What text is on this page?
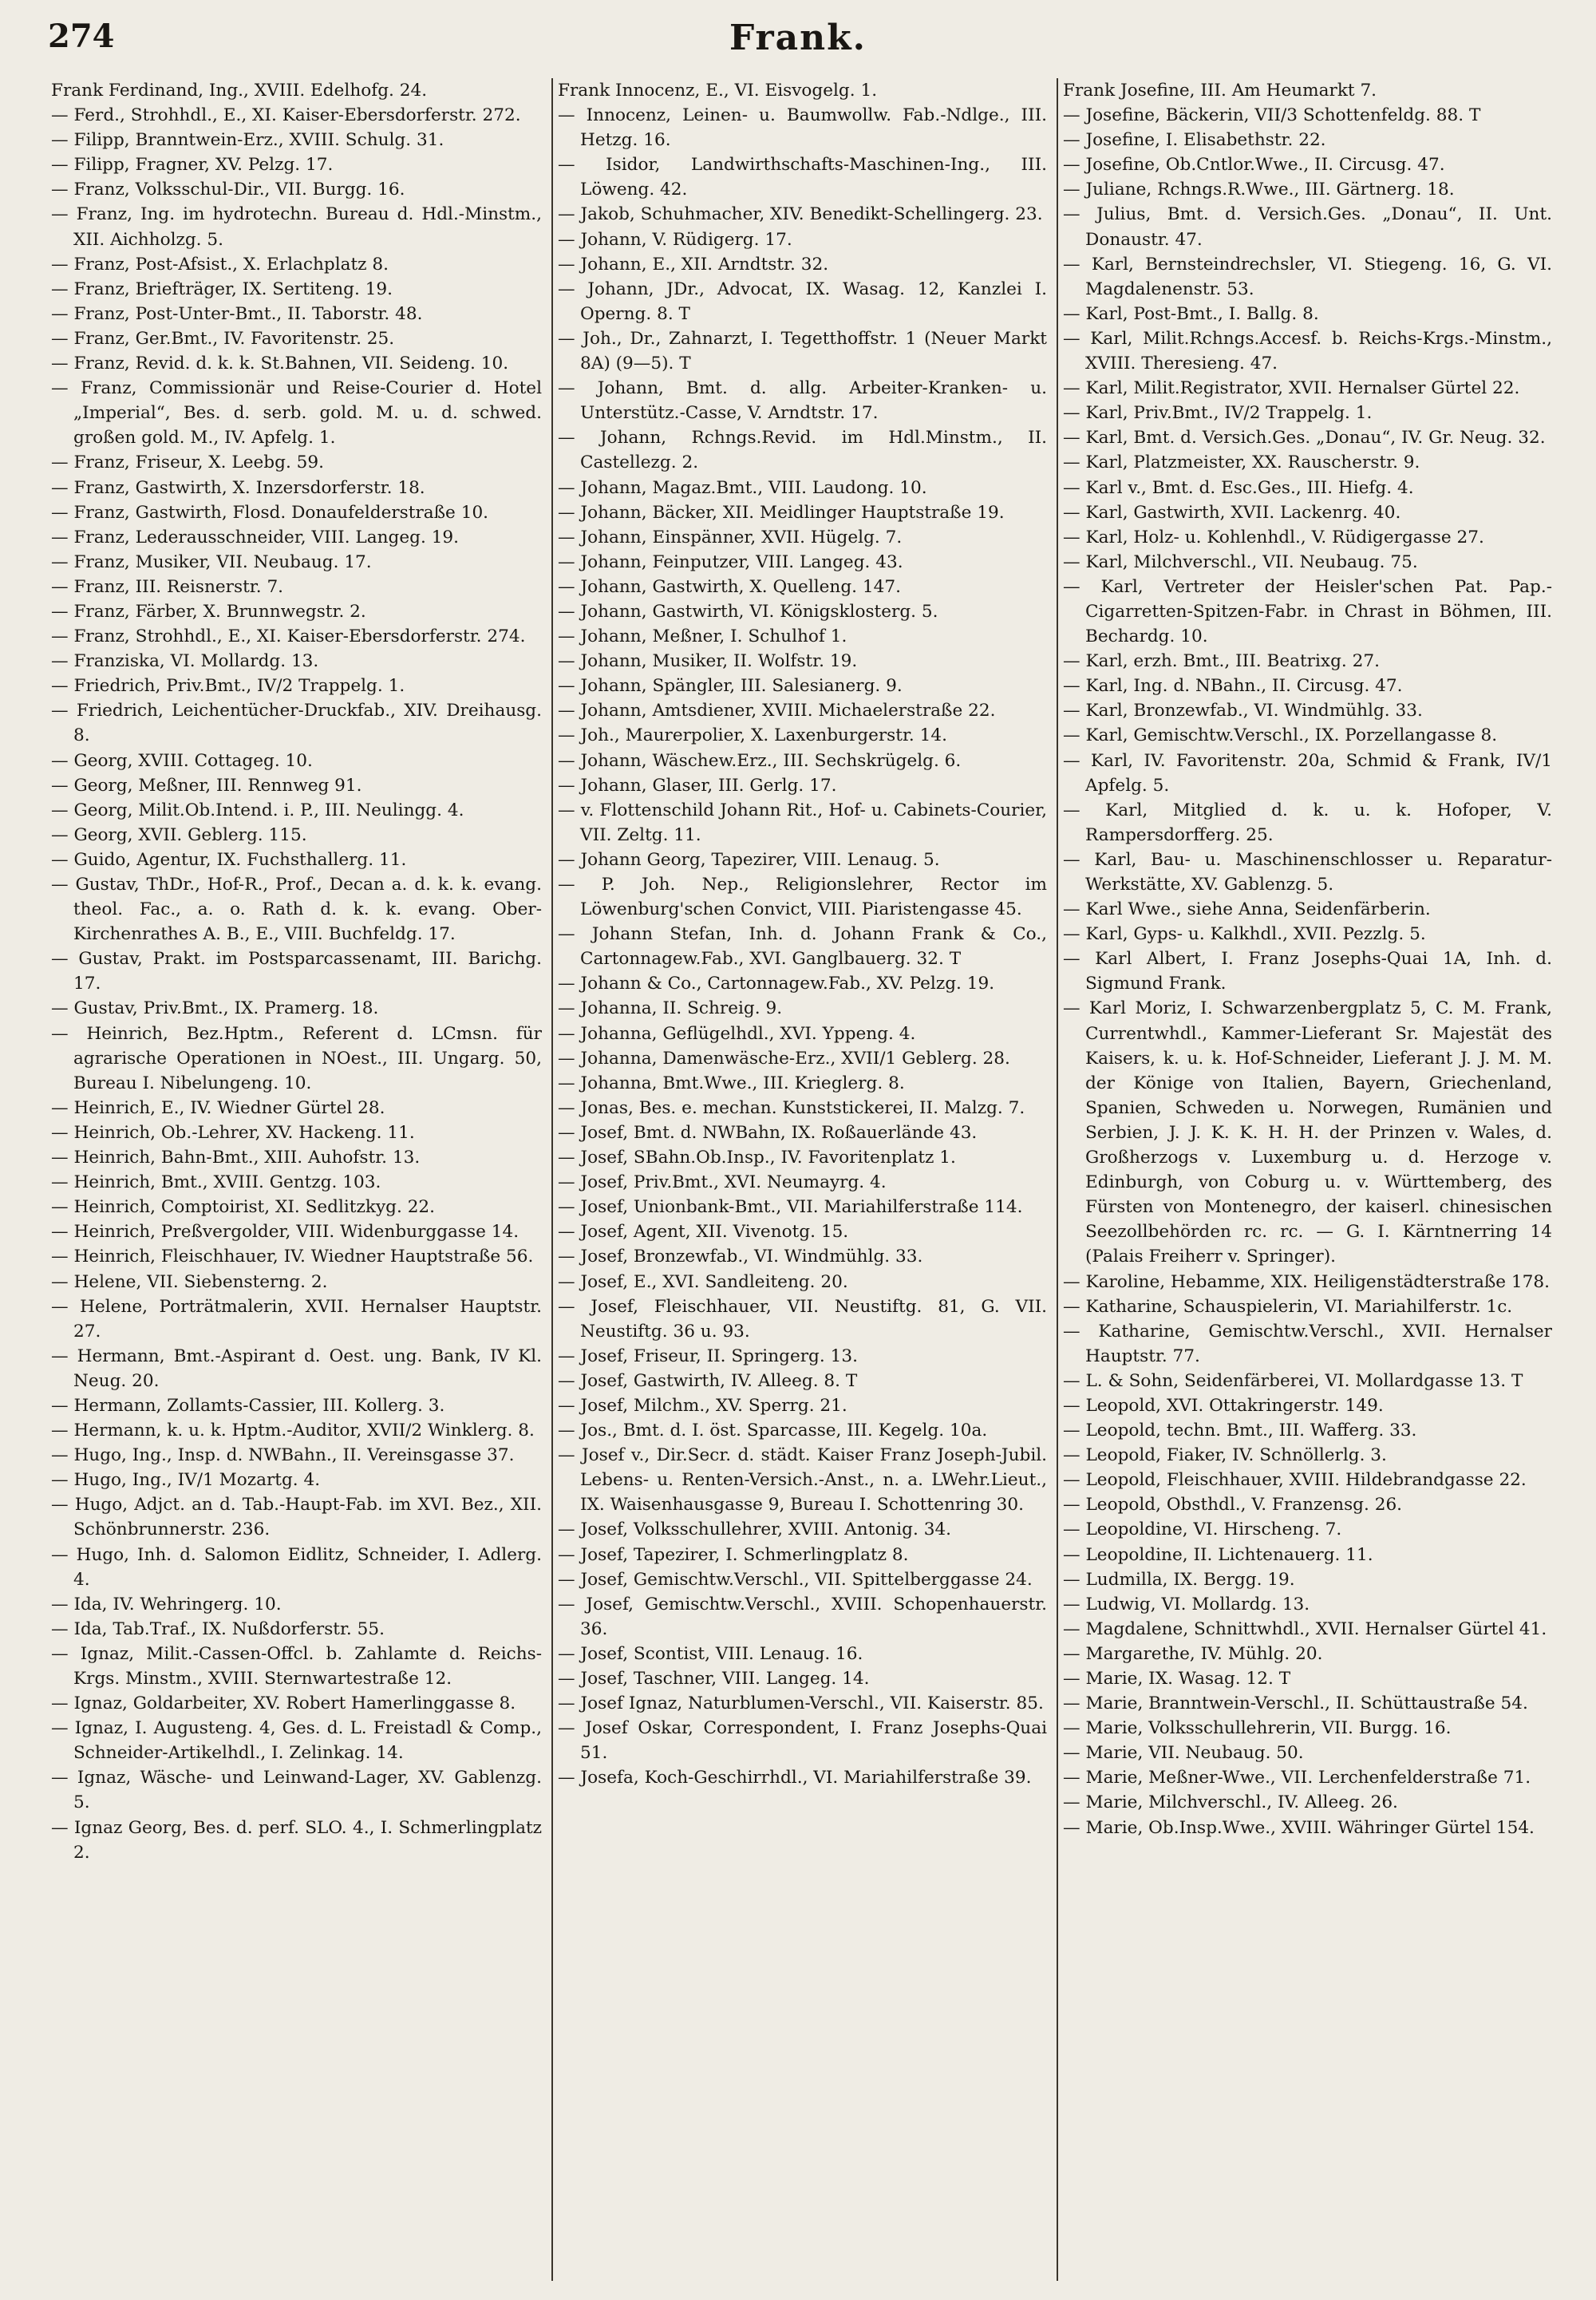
274	Frank.
Frank Ferdinand, Ing., XVIII. Edelhofg. 24.
— Ferd., Strohhdl., E., XI. Kaiser-Ebersdorferstr. 272.
— Filipp, Branntwein-Erz., XVIII. Schulg. 31.
— Filipp, Fragner, XV. Pelzg. 17.
— Franz, Volksschul-Dir., VII. Burgg. 16.
— Franz, Ing. im hydrotechn. Bureau d. Hdl.-Minstm., XII. Aichholzg. 5.
— Franz, Post-Afsist., X. Erlachplatz 8.
— Franz, Briefträger, IX. Sertiteng. 19.
— Franz, Post-Unter-Bmt., II. Taborstr. 48.
— Franz, Ger.Bmt., IV. Favoritenstr. 25.
— Franz, Revid. d. k. k. St.Bahnen, VII. Seideng. 10.
— Franz, Commissionär und Reise-Courier d. Hotel „Imperial“, Bes. d. serb. gold. M. u. d. schwed. großen gold. M., IV. Apfelg. 1.
— Franz, Friseur, X. Leebg. 59.
— Franz, Gastwirth, X. Inzersdorferstr. 18.
— Franz, Gastwirth, Flosd. Donaufelderstraße 10.
— Franz, Lederausschneider, VIII. Langeg. 19.
— Franz, Musiker, VII. Neubaug. 17.
— Franz, III. Reisnerstr. 7.
— Franz, Färber, X. Brunnwegstr. 2.
— Franz, Strohhdl., E., XI. Kaiser-Ebersdorferstr. 274.
— Franziska, VI. Mollardg. 13.
— Friedrich, Priv.Bmt., IV/2 Trappelg. 1.
— Friedrich, Leichentücher-Druckfab., XIV. Dreihausg. 8.
— Georg, XVIII. Cottageg. 10.
— Georg, Meßner, III. Rennweg 91.
— Georg, Milit.Ob.Intend. i. P., III. Neulingg. 4.
— Georg, XVII. Geblerg. 115.
— Guido, Agentur, IX. Fuchsthallerg. 11.
— Gustav, ThDr., Hof-R., Prof., Decan a. d. k. k. evang. theol. Fac., a. o. Rath d. k. k. evang. Ober-Kirchenrathes A. B., E., VIII. Buchfeldg. 17.
— Gustav, Prakt. im Postsparcassenamt, III. Barichg. 17.
— Gustav, Priv.Bmt., IX. Pramerg. 18.
— Heinrich, Bez.Hptm., Referent d. LCmsn. für agrarische Operationen in NOest., III. Ungarg. 50, Bureau I. Nibelungeng. 10.
— Heinrich, E., IV. Wiedner Gürtel 28.
— Heinrich, Ob.-Lehrer, XV. Hackeng. 11.
— Heinrich, Bahn-Bmt., XIII. Auhofstr. 13.
— Heinrich, Bmt., XVIII. Gentzg. 103.
— Heinrich, Comptoirist, XI. Sedlitzkyg. 22.
— Heinrich, Preßvergolder, VIII. Widenburggasse 14.
— Heinrich, Fleischhauer, IV. Wiedner Hauptstraße 56.
— Helene, VII. Siebensterng. 2.
— Helene, Porträtmalerin, XVII. Hernalser Hauptstr. 27.
— Hermann, Bmt.-Aspirant d. Oest. ung. Bank, IV Kl. Neug. 20.
— Hermann, Zollamts-Cassier, III. Kollerg. 3.
— Hermann, k. u. k. Hptm.-Auditor, XVII/2 Winklerg. 8.
— Hugo, Ing., Insp. d. NWBahn., II. Vereinsgasse 37.
— Hugo, Ing., IV/1 Mozartg. 4.
— Hugo, Adjct. an d. Tab.-Haupt-Fab. im XVI. Bez., XII. Schönbrunnerstr. 236.
— Hugo, Inh. d. Salomon Eidlitz, Schneider, I. Adlerg. 4.
— Ida, IV. Wehringerg. 10.
— Ida, Tab.Traf., IX. Nußdorferstr. 55.
— Ignaz, Milit.-Cassen-Offcl. b. Zahlamte d. Reichs-Krgs. Minstm., XVIII. Sternwartestraße 12.
— Ignaz, Goldarbeiter, XV. Robert Hamerlinggasse 8.
— Ignaz, I. Augusteng. 4, Ges. d. L. Freistadl & Comp., Schneider-Artikelhdl., I. Zelinkag. 14.
— Ignaz, Wäsche- und Leinwand-Lager, XV. Gablenzg. 5.
— Ignaz Georg, Bes. d. perf. SLO. 4., I. Schmerlingplatz 2.
Frank Innocenz, E., VI. Eisvogelg. 1.
— Innocenz, Leinen- u. Baumwollw. Fab.-Ndlge., III. Hetzg. 16.
— Isidor, Landwirthschafts-Maschinen-Ing., III. Löweng. 42.
— Jakob, Schuhmacher, XIV. Benedikt-Schellingerg. 23.
— Johann, V. Rüdigerg. 17.
— Johann, E., XII. Arndtstr. 32.
— Johann, JDr., Advocat, IX. Wasag. 12, Kanzlei I. Operng. 8. T
— Joh., Dr., Zahnarzt, I. Tegetthoffstr. 1 (Neuer Markt 8A) (9—5). T
— Johann, Bmt. d. allg. Arbeiter-Kranken- u. Unterstütz.-Casse, V. Arndtstr. 17.
— Johann, Rchngs.Revid. im Hdl.Minstm., II. Castellezg. 2.
— Johann, Magaz.Bmt., VIII. Laudong. 10.
— Johann, Bäcker, XII. Meidlinger Hauptstraße 19.
— Johann, Einspänner, XVII. Hügelg. 7.
— Johann, Feinputzer, VIII. Langeg. 43.
— Johann, Gastwirth, X. Quelleng. 147.
— Johann, Gastwirth, VI. Königsklosterg. 5.
— Johann, Meßner, I. Schulhof 1.
— Johann, Musiker, II. Wolfstr. 19.
— Johann, Spängler, III. Salesianerg. 9.
— Johann, Amtsdiener, XVIII. Michaelerstraße 22.
— Joh., Maurerpolier, X. Laxenburgerstr. 14.
— Johann, Wäschew.Erz., III. Sechskrügelg. 6.
— Johann, Glaser, III. Gerlg. 17.
— v. Flottenschild Johann Rit., Hof- u. Cabinets-Courier, VII. Zeltg. 11.
— Johann Georg, Tapezirer, VIII. Lenaug. 5.
— P. Joh. Nep., Religionslehrer, Rector im Löwenburg'schen Convict, VIII. Piaristengasse 45.
— Johann Stefan, Inh. d. Johann Frank & Co., Cartonnagew.Fab., XVI. Ganglbauerg. 32. T
— Johann & Co., Cartonnagew.Fab., XV. Pelzg. 19.
— Johanna, II. Schreig. 9.
— Johanna, Geflügelhdl., XVI. Yppeng. 4.
— Johanna, Damenwäsche-Erz., XVII/1 Geblerg. 28.
— Johanna, Bmt.Wwe., III. Krieglerg. 8.
— Jonas, Bes. e. mechan. Kunststickerei, II. Malzg. 7.
— Josef, Bmt. d. NWBahn, IX. Roßauerlände 43.
— Josef, SBahn.Ob.Insp., IV. Favoritenplatz 1.
— Josef, Priv.Bmt., XVI. Neumayrg. 4.
— Josef, Unionbank-Bmt., VII. Mariahilferstraße 114.
— Josef, Agent, XII. Vivenotg. 15.
— Josef, Bronzewfab., VI. Windmühlg. 33.
— Josef, E., XVI. Sandleiteng. 20.
— Josef, Fleischhauer, VII. Neustiftg. 81, G. VII. Neustiftg. 36 u. 93.
— Josef, Friseur, II. Springerg. 13.
— Josef, Gastwirth, IV. Alleeg. 8. T
— Josef, Milchm., XV. Sperrg. 21.
— Jos., Bmt. d. I. öst. Sparcasse, III. Kegelg. 10a.
— Josef v., Dir.Secr. d. städt. Kaiser Franz Joseph-Jubil. Lebens- u. Renten-Versich.-Anst., n. a. LWehr.Lieut., IX. Waisenhausgasse 9, Bureau I. Schottenring 30.
— Josef, Volksschullehrer, XVIII. Antonig. 34.
— Josef, Tapezirer, I. Schmerlingplatz 8.
— Josef, Gemischtw.Verschl., VII. Spittelberggasse 24.
— Josef, Gemischtw.Verschl., XVIII. Schopenhauerstr. 36.
— Josef, Scontist, VIII. Lenaug. 16.
— Josef, Taschner, VIII. Langeg. 14.
— Josef Ignaz, Naturblumen-Verschl., VII. Kaiserstr. 85.
— Josef Oskar, Correspondent, I. Franz Josephs-Quai 51.
— Josefa, Koch-Geschirrhdl., VI. Mariahilferstraße 39.
Frank Josefine, III. Am Heumarkt 7.
— Josefine, Bäckerin, VII/3 Schottenfeldg. 88. T
— Josefine, I. Elisabethstr. 22.
— Josefine, Ob.Cntlor.Wwe., II. Circusg. 47.
— Juliane, Rchngs.R.Wwe., III. Gärtnerg. 18.
— Julius, Bmt. d. Versich.Ges. „Donau“, II. Unt. Donaustr. 47.
— Karl, Bernsteindrechsler, VI. Stiegeng. 16, G. VI. Magdalenenstr. 53.
— Karl, Post-Bmt., I. Ballg. 8.
— Karl, Milit.Rchngs.Accesf. b. Reichs-Krgs.-Minstm., XVIII. Theresieng. 47.
— Karl, Milit.Registrator, XVII. Hernalser Gürtel 22.
— Karl, Priv.Bmt., IV/2 Trappelg. 1.
— Karl, Bmt. d. Versich.Ges. „Donau“, IV. Gr. Neug. 32.
— Karl, Platzmeister, XX. Rauscherstr. 9.
— Karl v., Bmt. d. Esc.Ges., III. Hiefg. 4.
— Karl, Gastwirth, XVII. Lackenrg. 40.
— Karl, Holz- u. Kohlenhdl., V. Rüdigergasse 27.
— Karl, Milchverschl., VII. Neubaug. 75.
— Karl, Vertreter der Heisler'schen Pat. Pap.-Cigarretten-Spitzen-Fabr. in Chrast in Böhmen, III. Bechardg. 10.
— Karl, erzh. Bmt., III. Beatrixg. 27.
— Karl, Ing. d. NBahn., II. Circusg. 47.
— Karl, Bronzewfab., VI. Windmühlg. 33.
— Karl, Gemischtw.Verschl., IX. Porzellangasse 8.
— Karl, IV. Favoritenstr. 20a, Schmid & Frank, IV/1 Apfelg. 5.
— Karl, Mitglied d. k. u. k. Hofoper, V. Rampersdorfferg. 25.
— Karl, Bau- u. Maschinenschlosser u. Reparatur-Werkstätte, XV. Gablenzg. 5.
— Karl Wwe., siehe Anna, Seidenfärberin.
— Karl, Gyps- u. Kalkhdl., XVII. Pezzlg. 5.
— Karl Albert, I. Franz Josephs-Quai 1A, Inh. d. Sigmund Frank.
— Karl Moriz, I. Schwarzenbergplatz 5, C. M. Frank, Currentwhdl., Kammer-Lieferant Sr. Majestät des Kaisers, k. u. k. Hof-Schneider, Lieferant J. J. M. M. der Könige von Italien, Bayern, Griechenland, Spanien, Schweden u. Norwegen, Rumänien und Serbien, J. J. K. K. H. H. der Prinzen v. Wales, d. Großherzogs v. Luxemburg u. d. Herzoge v. Edinburgh, von Coburg u. v. Württemberg, des Fürsten von Montenegro, der kaiserl. chinesischen Seezollbehörden rc. rc. — G. I. Kärntnerring 14 (Palais Freiherr v. Springer).
— Karoline, Hebamme, XIX. Heiligenstädterstraße 178.
— Katharine, Schauspielerin, VI. Mariahilferstr. 1c.
— Katharine, Gemischtw.Verschl., XVII. Hernalser Hauptstr. 77.
— L. & Sohn, Seidenfärberei, VI. Mollardgasse 13. T
— Leopold, XVI. Ottakringerstr. 149.
— Leopold, techn. Bmt., III. Wafferg. 33.
— Leopold, Fiaker, IV. Schnöllerlg. 3.
— Leopold, Fleischhauer, XVIII. Hildebrandgasse 22.
— Leopold, Obsthdl., V. Franzensg. 26.
— Leopoldine, VI. Hirscheng. 7.
— Leopoldine, II. Lichtenauerg. 11.
— Ludmilla, IX. Bergg. 19.
— Ludwig, VI. Mollardg. 13.
— Magdalene, Schnittwhdl., XVII. Hernalser Gürtel 41.
— Margarethe, IV. Mühlg. 20.
— Marie, IX. Wasag. 12. T
— Marie, Branntwein-Verschl., II. Schüttaustraße 54.
— Marie, Volksschullehrerin, VII. Burgg. 16.
— Marie, VII. Neubaug. 50.
— Marie, Meßner-Wwe., VII. Lerchenfelderstraße 71.
— Marie, Milchverschl., IV. Alleeg. 26.
— Marie, Ob.Insp.Wwe., XVIII. Währinger Gürtel 154.
